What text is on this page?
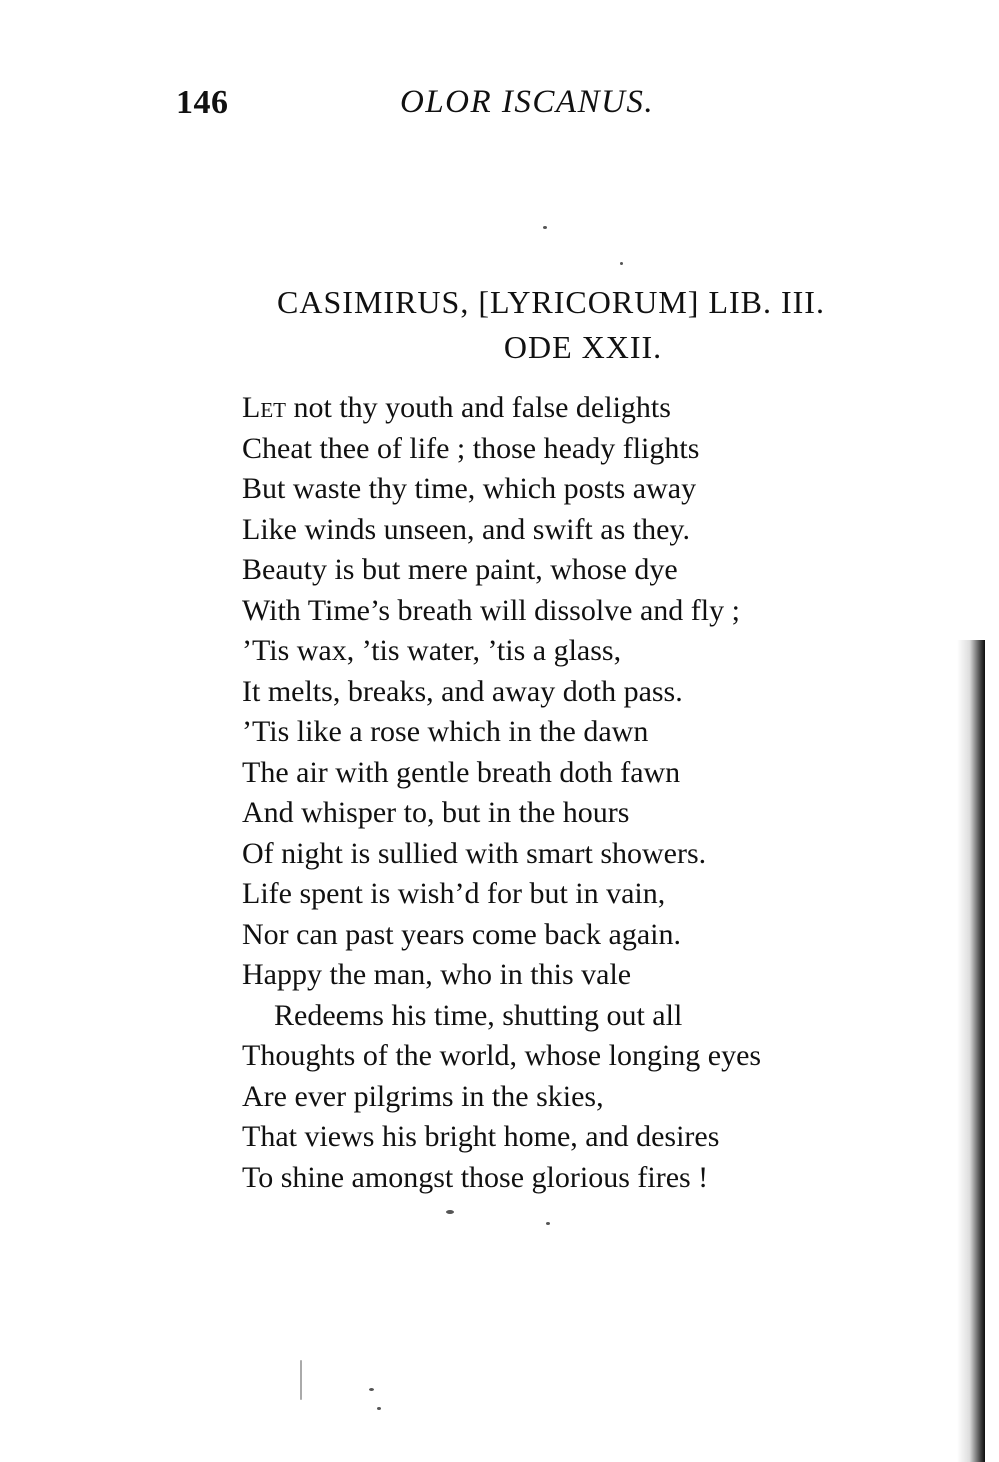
146	OLOR ISCANUS.
CASIMIRUS, [LYRICORUM] LIB. III.
ODE XXII.
Let not thy youth and false delights
Cheat thee of life ; those heady flights
But waste thy time, which posts away
Like winds unseen, and swift as they.
Beauty is but mere paint, whose dye
With Time’s breath will dissolve and fly ;
’Tis wax, ’tis water, ’tis a glass,
It melts, breaks, and away doth pass.
’Tis like a rose which in the dawn
The air with gentle breath doth fawn
And whisper to, but in the hours
Of night is sullied with smart showers.
Life spent is wish’d for but in vain,
Nor can past years come back again.
Happy the man, who in this vale
Redeems his time, shutting out all
Thoughts of the world, whose longing eyes
Are ever pilgrims in the skies,
That views his bright home, and desires
To shine amongst those glorious fires !
